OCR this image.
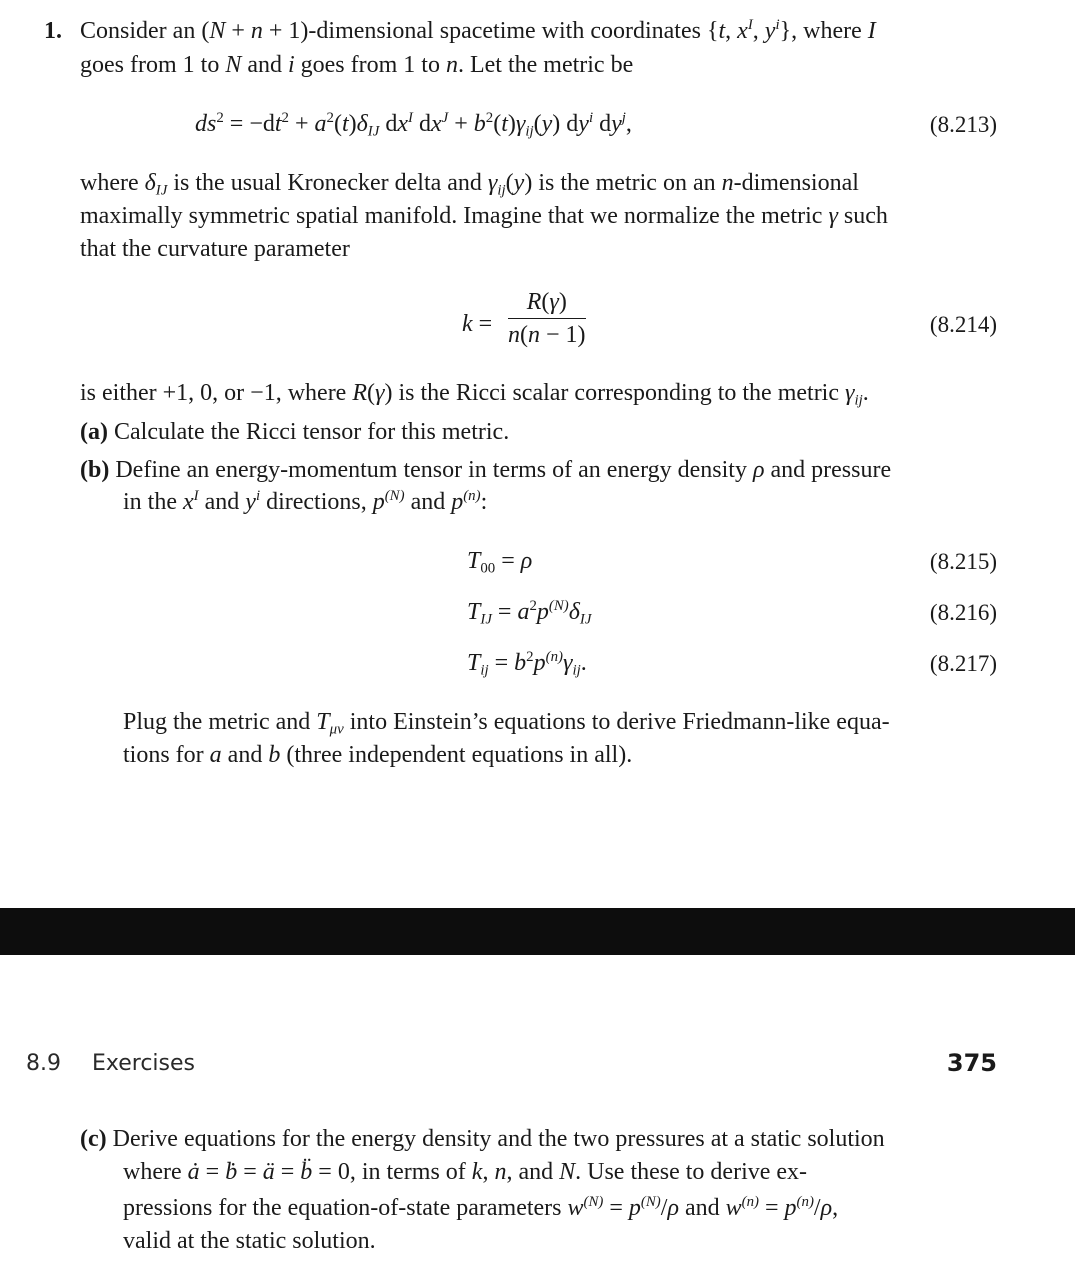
1. Consider an (N + n + 1)-dimensional spacetime with coordinates {t, $x^I$, $y^i$}, where I
goes from 1 to N and i goes from 1 to n. Let the metric be
$ds^2 = -dt^2 + a^2(t)\delta_{IJ}$ $dx^I$ $dx^J + b^2(t)\gamma_{ij}(y)$ $dy^i$ $dy^j$,	(8.213)
where $\delta_{IJ}$ is the usual Kronecker delta and $\gamma_{ij}(y)$ is the metric on an n-dimensional
maximally symmetric spatial manifold. Imagine that we normalize the metric γ such
that the curvature parameter
$k = \frac{R(\gamma)}{n(n - 1)}$	(8.214)
is either +1, 0, or −1, where R(γ) is the Ricci scalar corresponding to the metric $\gamma_{ij}$.
(a) Calculate the Ricci tensor for this metric.
(b) Define an energy-momentum tensor in terms of an energy density ρ and pressure
in the $x^I$ and $y^i$ directions, $p^{(N)}$ and $p^{(n)}$:
$T_{00} = \rho$	(8.215)
$T_{IJ} = a^2p^{(N)}\delta_{IJ}$	(8.216)
$T_{ij} = b^2p^{(n)}\gamma_{ij}$.	(8.217)
Plug the metric and $T_{\mu\nu}$ into Einstein’s equations to derive Friedmann-like equa-
tions for a and b (three independent equations in all).
8.9 Exercises	375
(c) Derive equations for the energy density and the two pressures at a static solution
where ȧ = ḃ = ä = b̈ = 0, in terms of k, n, and N. Use these to derive ex-
pressions for the equation-of-state parameters $w^{(N)} = p^{(N)}/\rho$ and $w^{(n)} = p^{(n)}/\rho$,
valid at the static solution.
